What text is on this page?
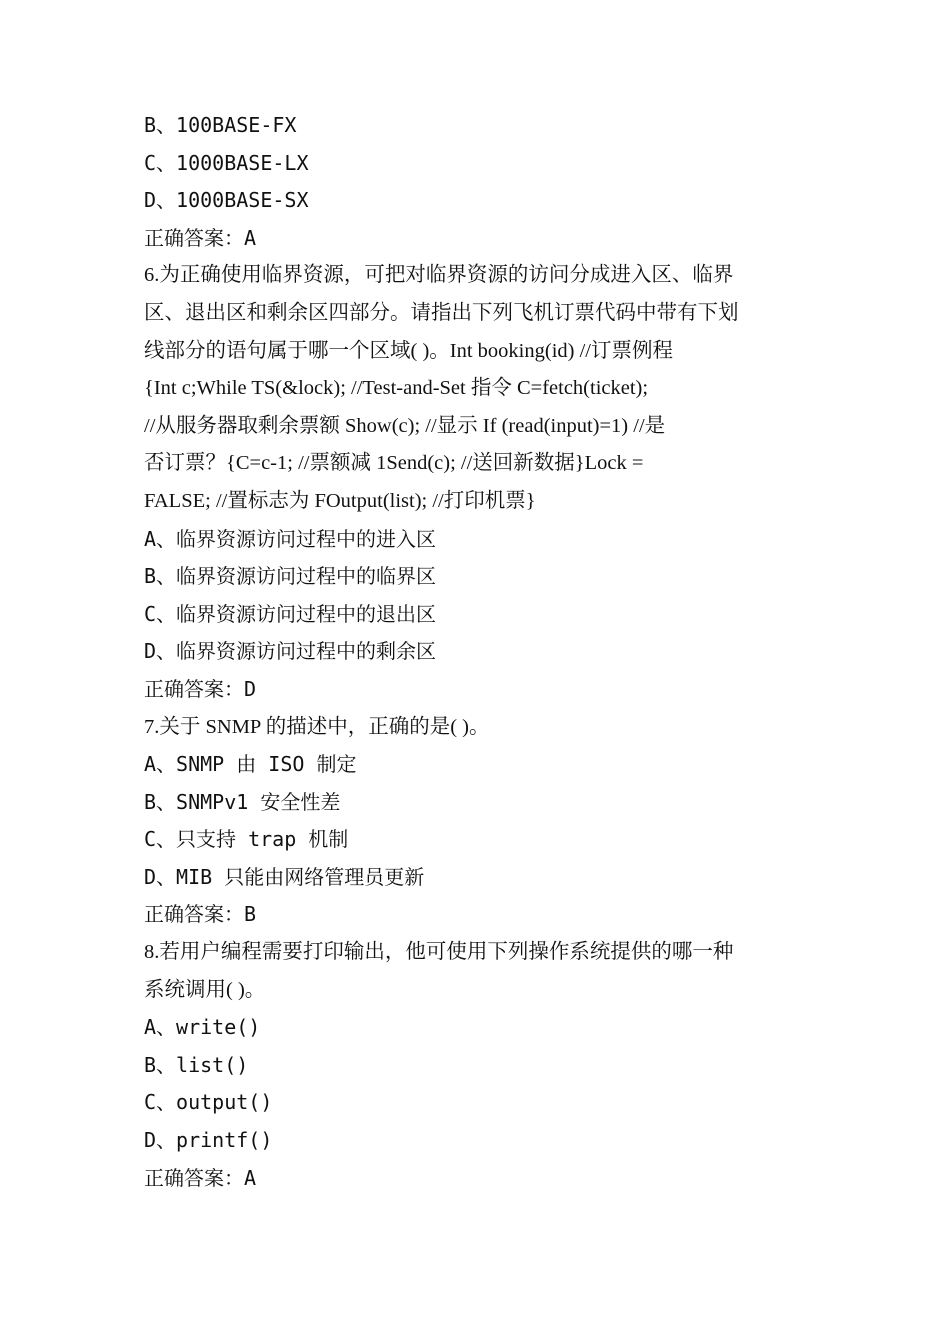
B、100BASE-FX
C、1000BASE-LX
D、1000BASE-SX
正确答案：A
6.为正确使用临界资源，可把对临界资源的访问分成进入区、临界
区、退出区和剩余区四部分。请指出下列飞机订票代码中带有下划
线部分的语句属于哪一个区域( )。Int booking(id) //订票例程
{Int c;While TS(&lock); //Test-and-Set 指令 C=fetch(ticket);
//从服务器取剩余票额 Show(c); //显示 If (read(input)=1) //是
否订票？{C=c-1; //票额减 1Send(c); //送回新数据}Lock =
FALSE; //置标志为 FOutput(list); //打印机票}
A、临界资源访问过程中的进入区
B、临界资源访问过程中的临界区
C、临界资源访问过程中的退出区
D、临界资源访问过程中的剩余区
正确答案：D
7.关于 SNMP 的描述中，正确的是( )。
A、SNMP 由 ISO 制定
B、SNMPv1 安全性差
C、只支持 trap 机制
D、MIB 只能由网络管理员更新
正确答案：B
8.若用户编程需要打印输出，他可使用下列操作系统提供的哪一种
系统调用( )。
A、write()
B、list()
C、output()
D、printf()
正确答案：A
